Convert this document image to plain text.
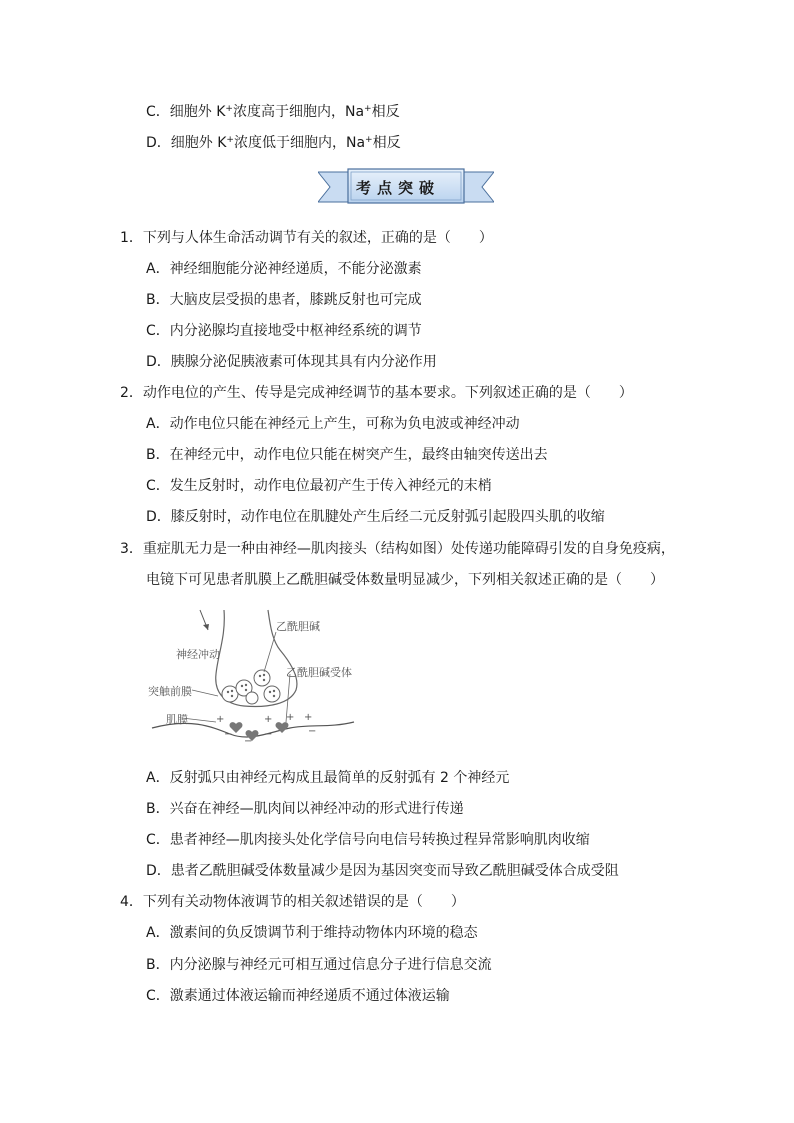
C．细胞外 K+浓度高于细胞内，Na+相反
D．细胞外 K+浓度低于细胞内，Na+相反
考点突破
1．下列与人体生命活动调节有关的叙述，正确的是（　　）
A．神经细胞能分泌神经递质，不能分泌激素
B．大脑皮层受损的患者，膝跳反射也可完成
C．内分泌腺均直接地受中枢神经系统的调节
D．胰腺分泌促胰液素可体现其具有内分泌作用
2．动作电位的产生、传导是完成神经调节的基本要求。下列叙述正确的是（　　）
A．动作电位只能在神经元上产生，可称为负电波或神经冲动
B．在神经元中，动作电位只能在树突产生，最终由轴突传送出去
C．发生反射时，动作电位最初产生于传入神经元的末梢
D．膝反射时，动作电位在肌腱处产生后经二元反射弧引起股四头肌的收缩
3．重症肌无力是一种由神经—肌肉接头（结构如图）处传递功能障碍引发的自身免疫病，
电镜下可见患者肌膜上乙酰胆碱受体数量明显减少，下列相关叙述正确的是（　　）
+
−
+
−
+
−
+
−
乙酰胆碱
神经冲动
乙酰胆碱受体
突触前膜
肌膜
A．反射弧只由神经元构成且最简单的反射弧有 2 个神经元
B．兴奋在神经—肌肉间以神经冲动的形式进行传递
C．患者神经—肌肉接头处化学信号向电信号转换过程异常影响肌肉收缩
D．患者乙酰胆碱受体数量减少是因为基因突变而导致乙酰胆碱受体合成受阻
4．下列有关动物体液调节的相关叙述错误的是（　　）
A．激素间的负反馈调节利于维持动物体内环境的稳态
B．内分泌腺与神经元可相互通过信息分子进行信息交流
C．激素通过体液运输而神经递质不通过体液运输
